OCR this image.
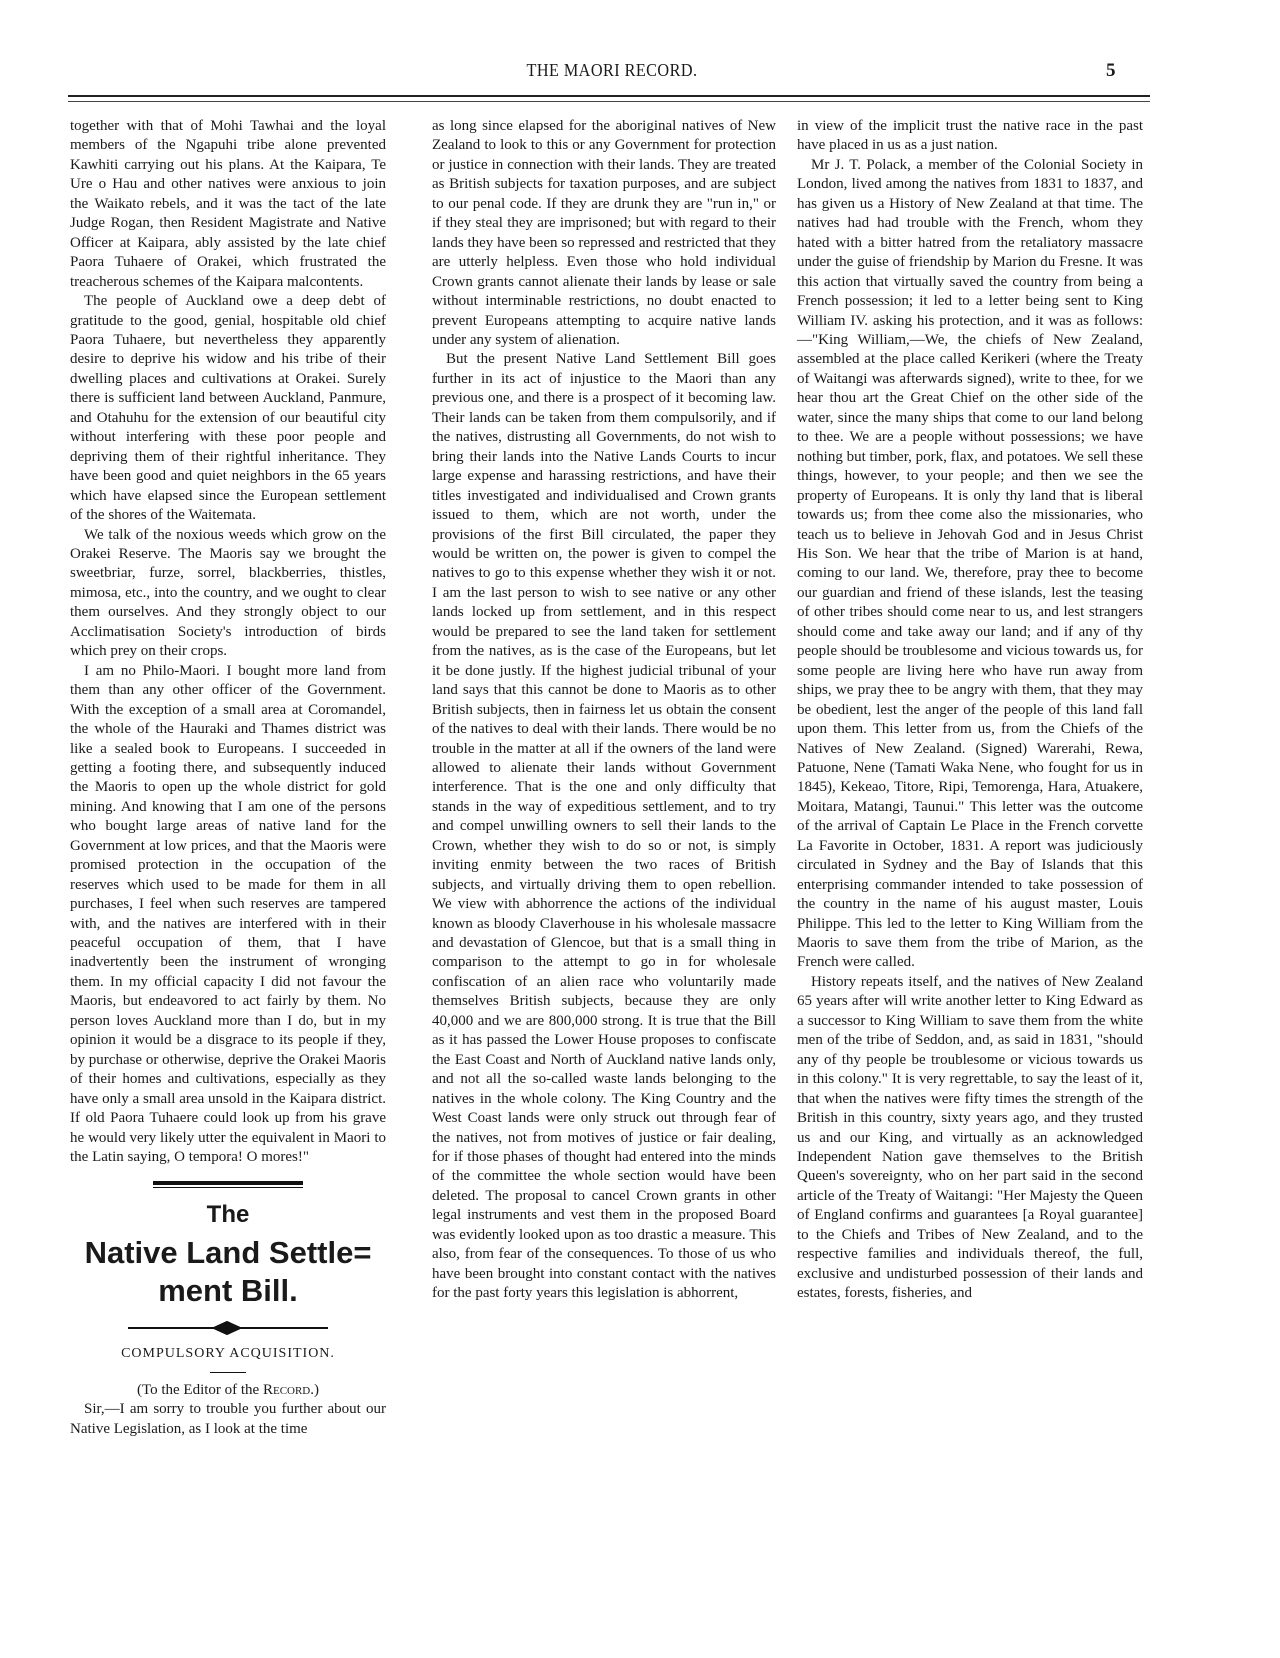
THE MAORI RECORD.	5

together with that of Mohi Tawhai and the loyal members of the Ngapuhi tribe alone prevented Kawhiti carrying out his plans. At the Kaipara, Te Ure o Hau and other natives were anxious to join the Waikato rebels, and it was the tact of the late Judge Rogan, then Resident Magistrate and Native Officer at Kaipara, ably assisted by the late chief Paora Tuhaere of Orakei, which frustrated the treacherous schemes of the Kaipara malcontents.

The people of Auckland owe a deep debt of gratitude to the good, genial, hospitable old chief Paora Tuhaere, but nevertheless they apparently desire to deprive his widow and his tribe of their dwelling places and cultivations at Orakei. Surely there is sufficient land between Auckland, Panmure, and Otahuhu for the extension of our beautiful city without interfering with these poor people and depriving them of their rightful inheritance. They have been good and quiet neighbors in the 65 years which have elapsed since the European settlement of the shores of the Waitemata.

We talk of the noxious weeds which grow on the Orakei Reserve. The Maoris say we brought the sweetbriar, furze, sorrel, blackberries, thistles, mimosa, etc., into the country, and we ought to clear them ourselves. And they strongly object to our Acclimatisation Society's introduction of birds which prey on their crops.

I am no Philo-Maori. I bought more land from them than any other officer of the Government. With the exception of a small area at Coromandel, the whole of the Hauraki and Thames district was like a sealed book to Europeans. I succeeded in getting a footing there, and subsequently induced the Maoris to open up the whole district for gold mining. And knowing that I am one of the persons who bought large areas of native land for the Government at low prices, and that the Maoris were promised protection in the occupation of the reserves which used to be made for them in all purchases, I feel when such reserves are tampered with, and the natives are interfered with in their peaceful occupation of them, that I have inadvertently been the instrument of wronging them. In my official capacity I did not favour the Maoris, but endeavored to act fairly by them. No person loves Auckland more than I do, but in my opinion it would be a disgrace to its people if they, by purchase or otherwise, deprive the Orakei Maoris of their homes and cultivations, especially as they have only a small area unsold in the Kaipara district. If old Paora Tuhaere could look up from his grave he would very likely utter the equivalent in Maori to the Latin saying, O tempora! O mores!"

The
Native Land Settle=
ment Bill.
COMPULSORY ACQUISITION.
(To the Editor of the Record.)

Sir,—I am sorry to trouble you further about our Native Legislation, as I look at the time

as long since elapsed for the aboriginal natives of New Zealand to look to this or any Government for protection or justice in connection with their lands. They are treated as British subjects for taxation purposes, and are subject to our penal code. If they are drunk they are "run in," or if they steal they are imprisoned; but with regard to their lands they have been so repressed and restricted that they are utterly helpless. Even those who hold individual Crown grants cannot alienate their lands by lease or sale without interminable restrictions, no doubt enacted to prevent Europeans attempting to acquire native lands under any system of alienation.

But the present Native Land Settlement Bill goes further in its act of injustice to the Maori than any previous one, and there is a prospect of it becoming law. Their lands can be taken from them compulsorily, and if the natives, distrusting all Governments, do not wish to bring their lands into the Native Lands Courts to incur large expense and harassing restrictions, and have their titles investigated and individualised and Crown grants issued to them, which are not worth, under the provisions of the first Bill circulated, the paper they would be written on, the power is given to compel the natives to go to this expense whether they wish it or not. I am the last person to wish to see native or any other lands locked up from settlement, and in this respect would be prepared to see the land taken for settlement from the natives, as is the case of the Europeans, but let it be done justly. If the highest judicial tribunal of your land says that this cannot be done to Maoris as to other British subjects, then in fairness let us obtain the consent of the natives to deal with their lands. There would be no trouble in the matter at all if the owners of the land were allowed to alienate their lands without Government interference. That is the one and only difficulty that stands in the way of expeditious settlement, and to try and compel unwilling owners to sell their lands to the Crown, whether they wish to do so or not, is simply inviting enmity between the two races of British subjects, and virtually driving them to open rebellion. We view with abhorrence the actions of the individual known as bloody Claverhouse in his wholesale massacre and devastation of Glencoe, but that is a small thing in comparison to the attempt to go in for wholesale confiscation of an alien race who voluntarily made themselves British subjects, because they are only 40,000 and we are 800,000 strong. It is true that the Bill as it has passed the Lower House proposes to confiscate the East Coast and North of Auckland native lands only, and not all the so-called waste lands belonging to the natives in the whole colony. The King Country and the West Coast lands were only struck out through fear of the natives, not from motives of justice or fair dealing, for if those phases of thought had entered into the minds of the committee the whole section would have been deleted. The proposal to cancel Crown grants in other legal instruments and vest them in the proposed Board was evidently looked upon as too drastic a measure. This also, from fear of the consequences. To those of us who have been brought into constant contact with the natives for the past forty years this legislation is abhorrent,

in view of the implicit trust the native race in the past have placed in us as a just nation.

Mr J. T. Polack, a member of the Colonial Society in London, lived among the natives from 1831 to 1837, and has given us a History of New Zealand at that time. The natives had had trouble with the French, whom they hated with a bitter hatred from the retaliatory massacre under the guise of friendship by Marion du Fresne. It was this action that virtually saved the country from being a French possession; it led to a letter being sent to King William IV. asking his protection, and it was as follows:—"King William,—We, the chiefs of New Zealand, assembled at the place called Kerikeri (where the Treaty of Waitangi was afterwards signed), write to thee, for we hear thou art the Great Chief on the other side of the water, since the many ships that come to our land belong to thee. We are a people without possessions; we have nothing but timber, pork, flax, and potatoes. We sell these things, however, to your people; and then we see the property of Europeans. It is only thy land that is liberal towards us; from thee come also the missionaries, who teach us to believe in Jehovah God and in Jesus Christ His Son. We hear that the tribe of Marion is at hand, coming to our land. We, therefore, pray thee to become our guardian and friend of these islands, lest the teasing of other tribes should come near to us, and lest strangers should come and take away our land; and if any of thy people should be troublesome and vicious towards us, for some people are living here who have run away from ships, we pray thee to be angry with them, that they may be obedient, lest the anger of the people of this land fall upon them. This letter from us, from the Chiefs of the Natives of New Zealand. (Signed) Warerahi, Rewa, Patuone, Nene (Tamati Waka Nene, who fought for us in 1845), Kekeao, Titore, Ripi, Temorenga, Hara, Atuakere, Moitara, Matangi, Taunui." This letter was the outcome of the arrival of Captain Le Place in the French corvette La Favorite in October, 1831. A report was judiciously circulated in Sydney and the Bay of Islands that this enterprising commander intended to take possession of the country in the name of his august master, Louis Philippe. This led to the letter to King William from the Maoris to save them from the tribe of Marion, as the French were called.

History repeats itself, and the natives of New Zealand 65 years after will write another letter to King Edward as a successor to King William to save them from the white men of the tribe of Seddon, and, as said in 1831, "should any of thy people be troublesome or vicious towards us in this colony." It is very regrettable, to say the least of it, that when the natives were fifty times the strength of the British in this country, sixty years ago, and they trusted us and our King, and virtually as an acknowledged Independent Nation gave themselves to the British Queen's sovereignty, who on her part said in the second article of the Treaty of Waitangi: "Her Majesty the Queen of England confirms and guarantees [a Royal guarantee] to the Chiefs and Tribes of New Zealand, and to the respective families and individuals thereof, the full, exclusive and undisturbed possession of their lands and estates, forests, fisheries, and
